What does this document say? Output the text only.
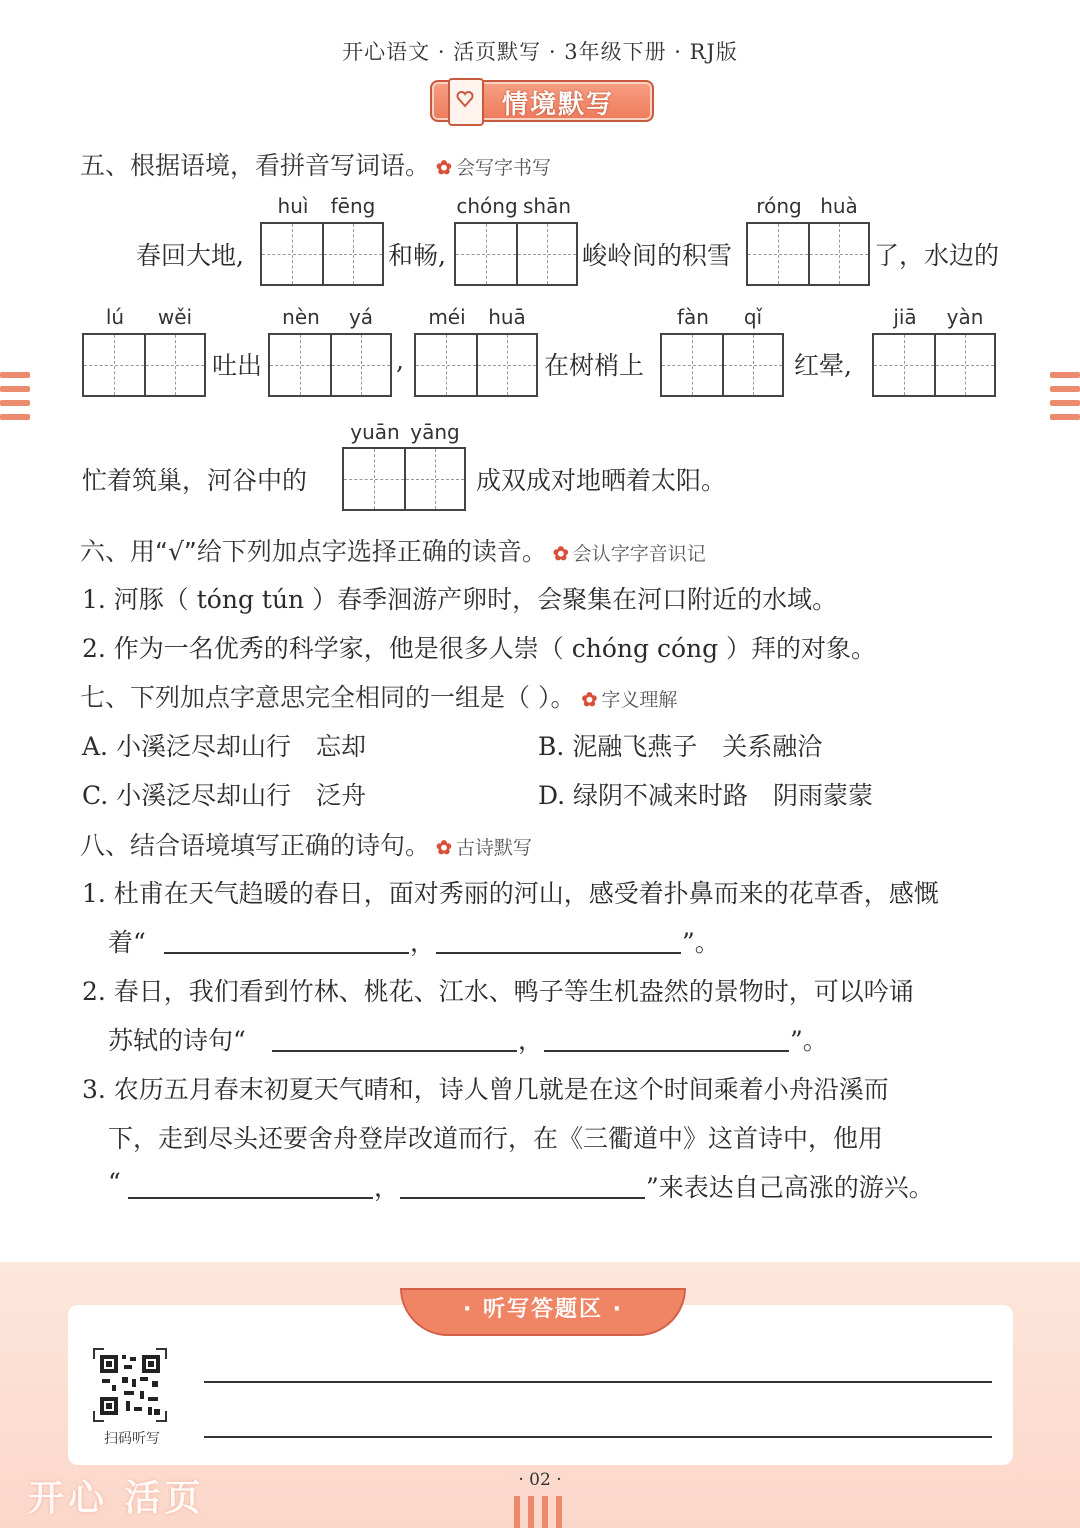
开心语文 · 活页默写 · 3年级下册 · RJ版
情境默写
五、根据语境，看拼音写词语。 ✿ 会写字书写
huì	fēng	chóng shān	róng huà
春回大地,	和畅,	峻岭间的积雪	了，水边的
lú	wěi	nèn	yá	méi	huā	fàn	qǐ	jiā	yàn
吐出	,	在树梢上	红晕,
yuān yāng
忙着筑巢，河谷中的	成双成对地晒着太阳。
六、用“√”给下列加点字选择正确的读音。 ✿ 会认字字音识记
1. 河豚（ tóng tún ）春季洄游产卵时，会聚集在河口附近的水域。
2. 作为一名优秀的科学家，他是很多人崇（ chóng cóng ）拜的对象。
七、下列加点字意思完全相同的一组是（ ）。 ✿ 字义理解
A. 小溪泛尽却山行　忘却	B. 泥融飞燕子　关系融洽
C. 小溪泛尽却山行　泛舟	D. 绿阴不减来时路　阴雨蒙蒙
八、结合语境填写正确的诗句。 ✿ 古诗默写
1. 杜甫在天气趋暖的春日，面对秀丽的河山，感受着扑鼻而来的花草香，感慨
着“	，	”。
2. 春日，我们看到竹林、桃花、江水、鸭子等生机盎然的景物时，可以吟诵
苏轼的诗句“	，	”。
3. 农历五月春末初夏天气晴和，诗人曾几就是在这个时间乘着小舟沿溪而
下，走到尽头还要舍舟登岸改道而行，在《三衢道中》这首诗中，他用
“	，	”来表达自己高涨的游兴。
· 听写答题区 ·
扫码听写
开心 活页	· 02 ·
